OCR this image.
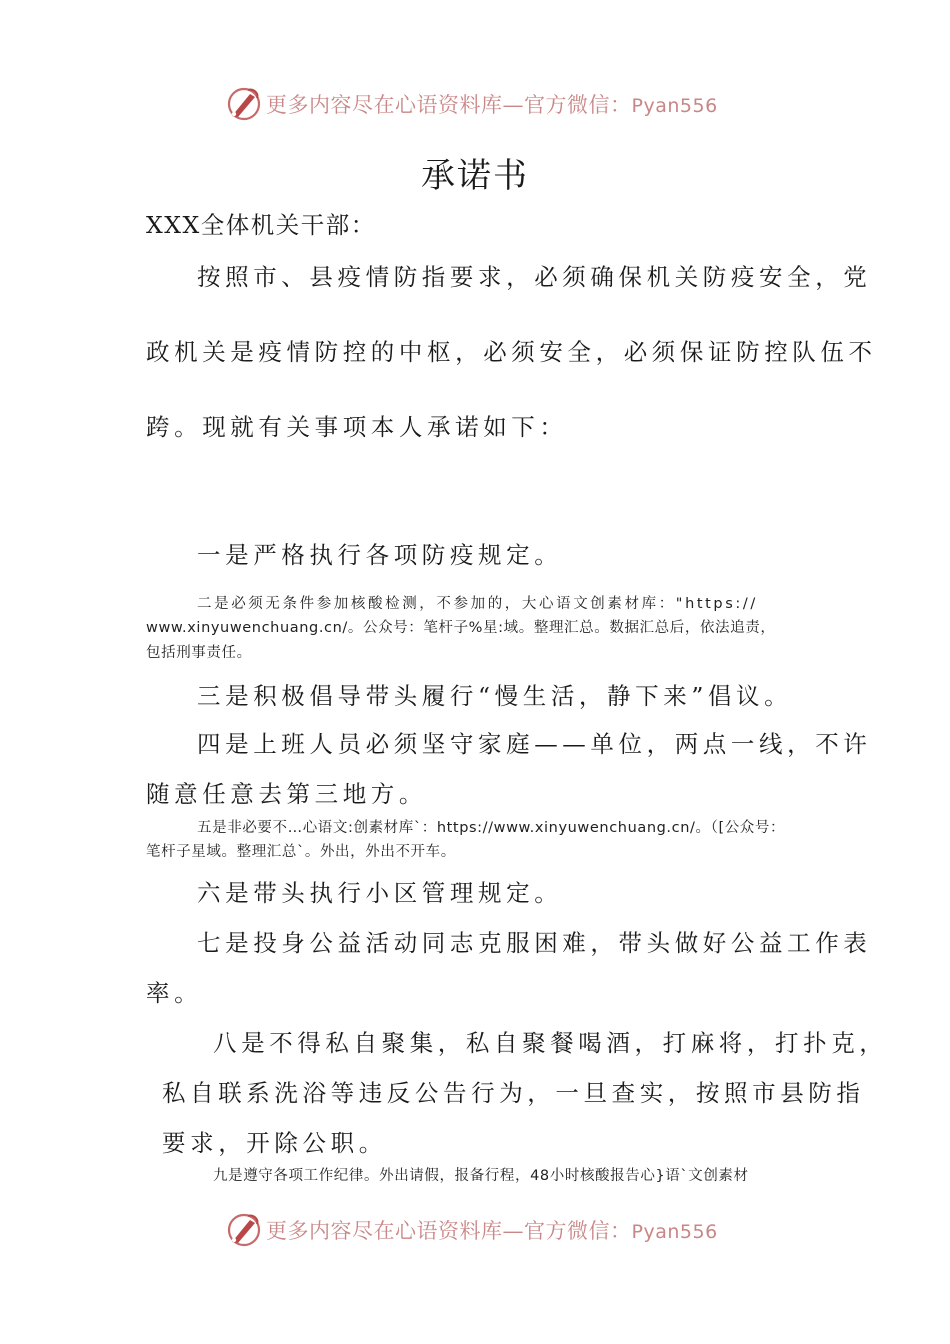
更多内容尽在心语资料库—官方微信：Pyan556
承诺书
XXX全体机关干部：
按照市、县疫情防指要求，必须确保机关防疫安全，党
政机关是疫情防控的中枢，必须安全，必须保证防控队伍不
跨。现就有关事项本人承诺如下：
一是严格执行各项防疫规定。
二是必须无条件参加核酸检测，不参加的，大心语文创素材库："https://
www.xinyuwenchuang.cn/。公众号：笔杆子%星:域。整理汇总。数据汇总后，依法追责，
包括刑事责任。
三是积极倡导带头履行“慢生活，静下来”倡议。
四是上班人员必须坚守家庭——单位，两点一线，不许
随意任意去第三地方。
五是非必要不…心语文:创素材库`：https://www.xinyuwenchuang.cn/。（[公众号：
笔杆子星域。整理汇总`。外出，外出不开车。
六是带头执行小区管理规定。
七是投身公益活动同志克服困难，带头做好公益工作表
率。
八是不得私自聚集，私自聚餐喝酒，打麻将，打扑克，
私自联系洗浴等违反公告行为，一旦查实，按照市县防指
要求，开除公职。
九是遵守各项工作纪律。外出请假，报备行程，48小时核酸报告心}语`文创素材
更多内容尽在心语资料库—官方微信：Pyan556
